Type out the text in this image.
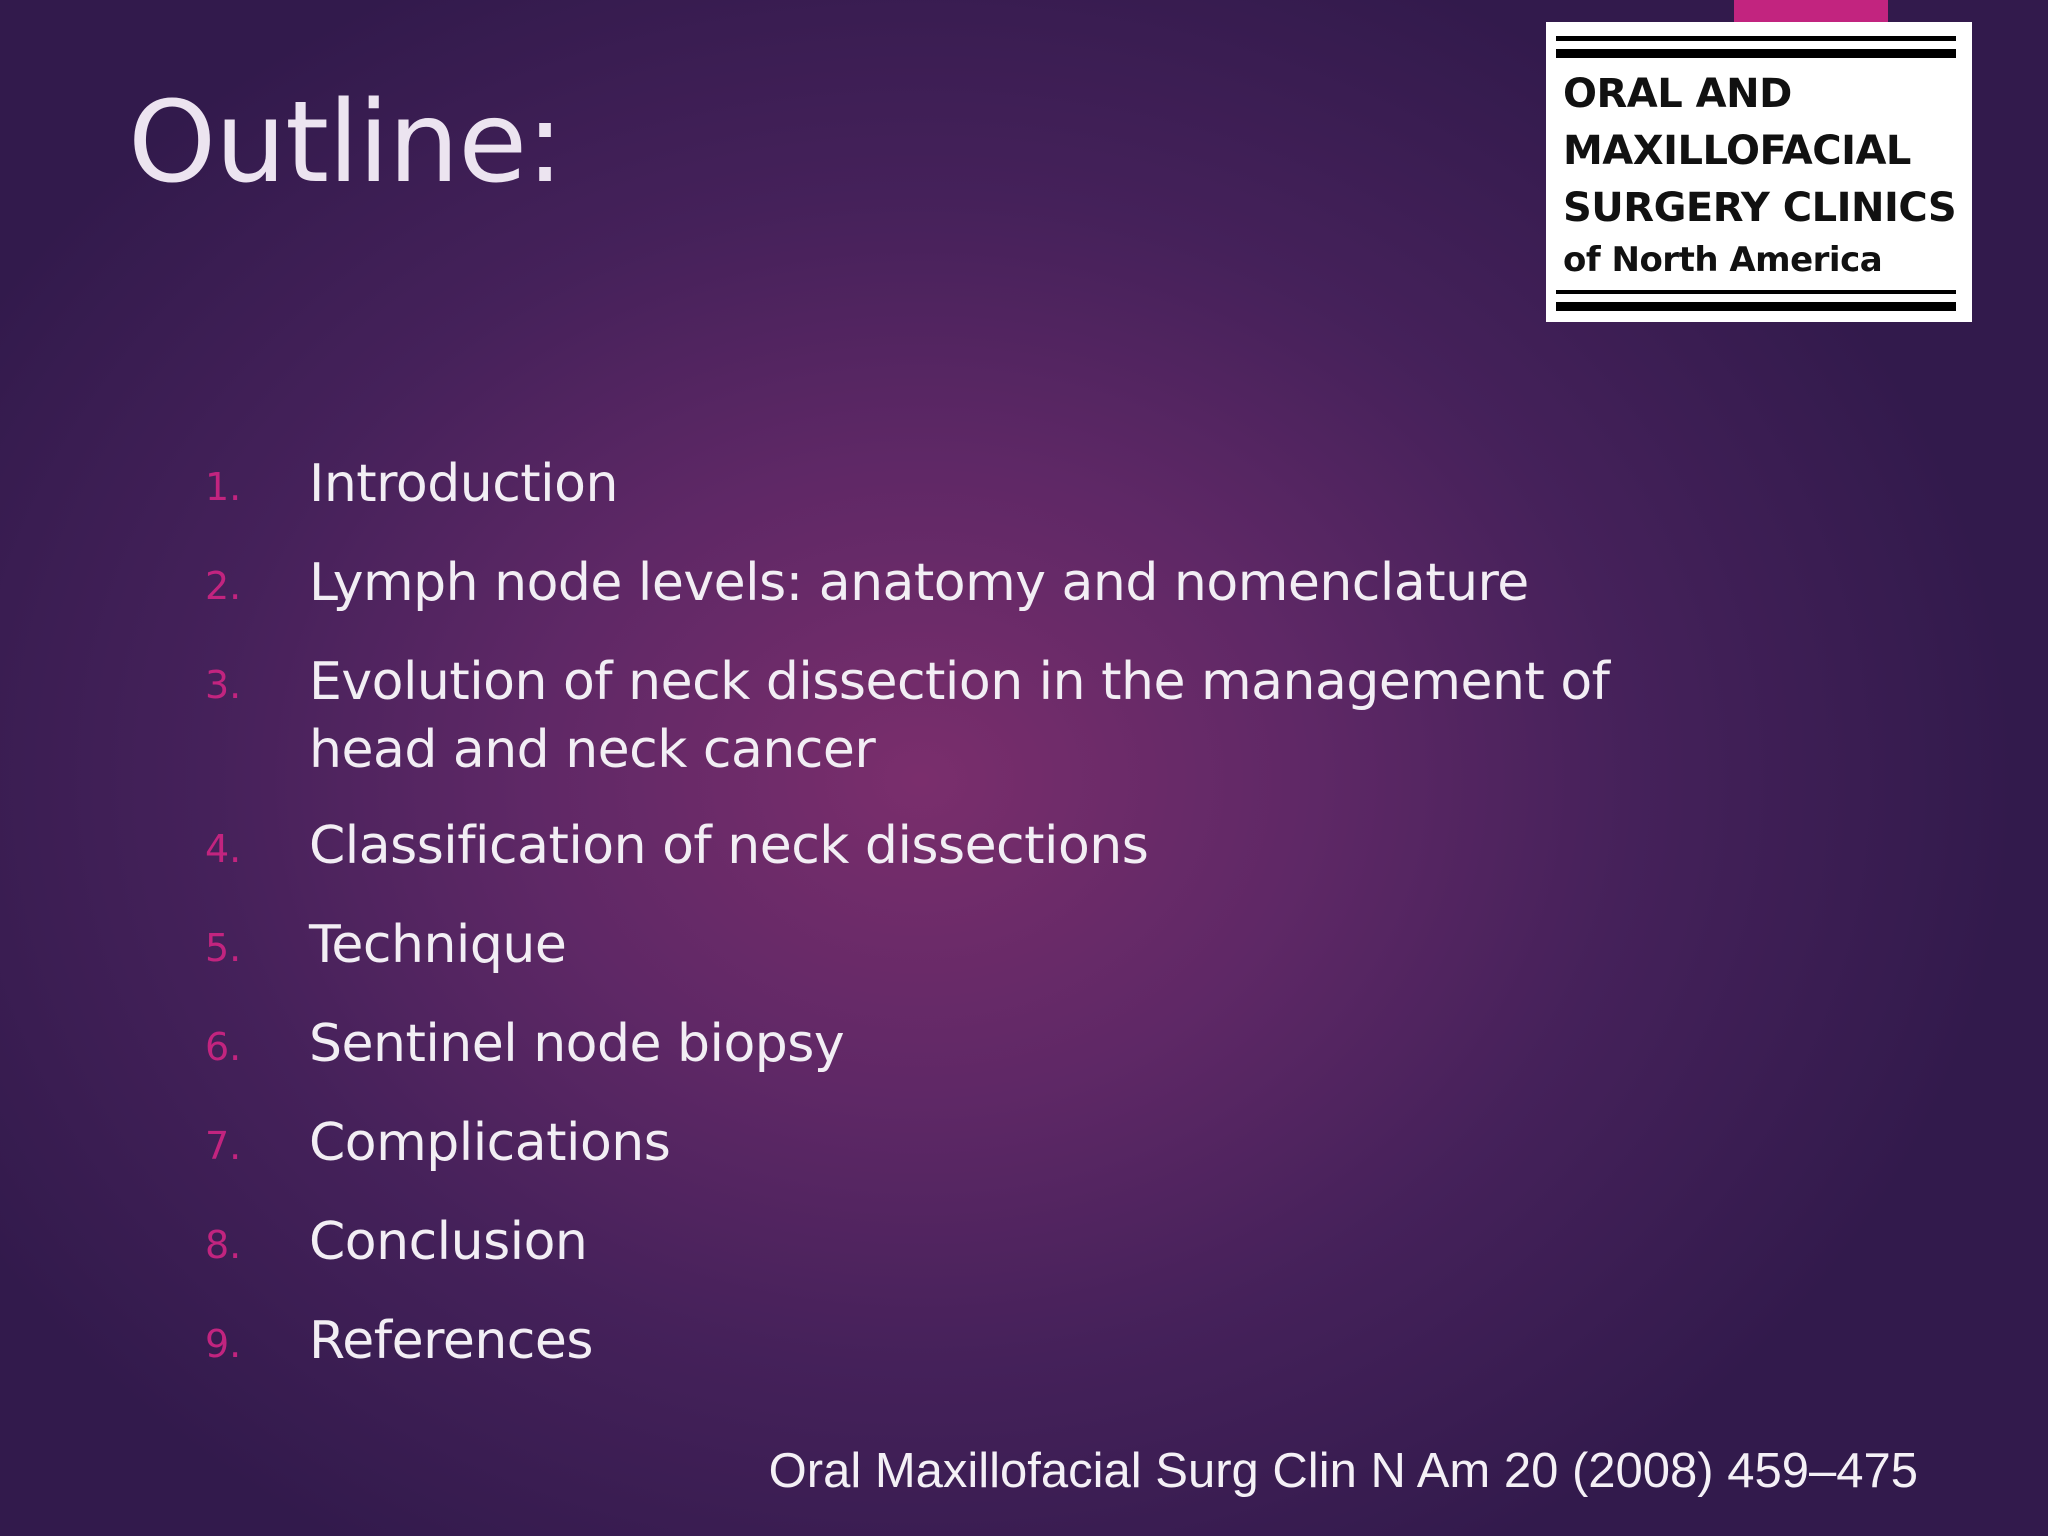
Outline:	ORAL AND
MAXILLOFACIAL
SURGERY CLINICS
of North America
1.	Introduction
2.	Lymph node levels: anatomy and nomenclature
3.	Evolution of neck dissection in the management of head and neck cancer
4.	Classification of neck dissections
5.	Technique
6.	Sentinel node biopsy
7.	Complications
8.	Conclusion
9.	References

Oral Maxillofacial Surg Clin N Am 20 (2008) 459–475
